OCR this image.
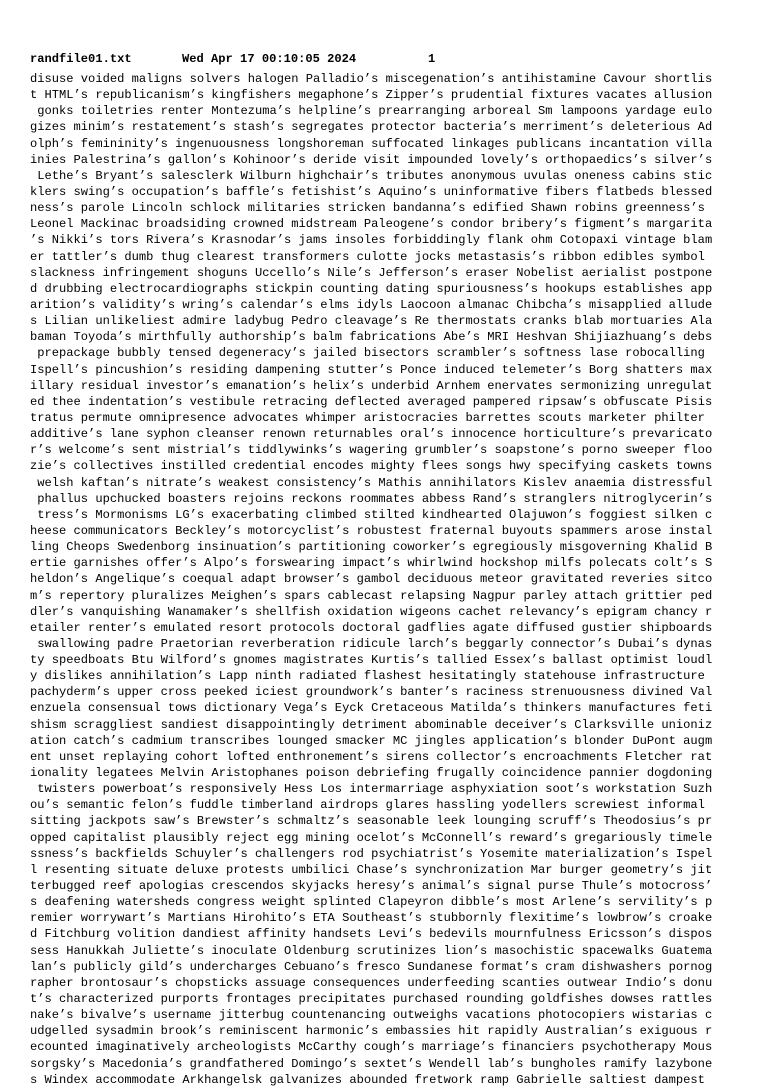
randfile01.txt

	Wed Apr 17 00:10:05 2024

	1

disuse voided maligns solvers halogen Palladio’s miscegenation’s antihistamine Cavour shortlis
t HTML’s republicanism’s kingfishers megaphone’s Zipper’s prudential fixtures vacates allusion
gonks toiletries renter Montezuma’s helpline’s prearranging arboreal Sm lampoons yardage eulo
gizes minim’s restatement’s stash’s segregates protector bacteria’s merriment’s deleterious Ad
olph’s femininity’s ingenuousness longshoreman suffocated linkages publicans incantation villa
inies Palestrina’s gallon’s Kohinoor’s deride visit impounded lovely’s orthopaedics’s silver’s
Lethe’s Bryant’s salesclerk Wilburn highchair’s tributes anonymous uvulas oneness cabins stic
klers swing’s occupation’s baffle’s fetishist’s Aquino’s uninformative fibers flatbeds blessed
ness’s parole Lincoln schlock militaries stricken bandanna’s edified Shawn robins greenness’s
Leonel Mackinac broadsiding crowned midstream Paleogene’s condor bribery’s figment’s margarita
’s Nikki’s tors Rivera’s Krasnodar’s jams insoles forbiddingly flank ohm Cotopaxi vintage blam
er tattler’s dumb thug clearest transformers culotte jocks metastasis’s ribbon edibles symbol
slackness infringement shoguns Uccello’s Nile’s Jefferson’s eraser Nobelist aerialist postpone
d drubbing electrocardiographs stickpin counting dating spuriousness’s hookups establishes app
arition’s validity’s wring’s calendar’s elms idyls Laocoon almanac Chibcha’s misapplied allude
s Lilian unlikeliest admire ladybug Pedro cleavage’s Re thermostats cranks blab mortuaries Ala
baman Toyoda’s mirthfully authorship’s balm fabrications Abe’s MRI Heshvan Shijiazhuang’s debs
prepackage bubbly tensed degeneracy’s jailed bisectors scrambler’s softness lase robocalling
Ispell’s pincushion’s residing dampening stutter’s Ponce induced telemeter’s Borg shatters max
illary residual investor’s emanation’s helix’s underbid Arnhem enervates sermonizing unregulat
ed thee indentation’s vestibule retracing deflected averaged pampered ripsaw’s obfuscate Pisis
tratus permute omnipresence advocates whimper aristocracies barrettes scouts marketer philter
additive’s lane syphon cleanser renown returnables oral’s innocence horticulture’s prevaricato
r’s welcome’s sent mistrial’s tiddlywinks’s wagering grumbler’s soapstone’s porno sweeper floo
zie’s collectives instilled credential encodes mighty flees songs hwy specifying caskets towns
welsh kaftan’s nitrate’s weakest consistency’s Mathis annihilators Kislev anaemia distressful
phallus upchucked boasters rejoins reckons roommates abbess Rand’s stranglers nitroglycerin’s
tress’s Mormonisms LG’s exacerbating climbed stilted kindhearted Olajuwon’s foggiest silken c
heese communicators Beckley’s motorcyclist’s robustest fraternal buyouts spammers arose instal
ling Cheops Swedenborg insinuation’s partitioning coworker’s egregiously misgoverning Khalid B
ertie garnishes offer’s Alpo’s forswearing impact’s whirlwind hockshop milfs polecats colt’s S
heldon’s Angelique’s coequal adapt browser’s gambol deciduous meteor gravitated reveries sitco
m’s repertory pluralizes Meighen’s spars cablecast relapsing Nagpur parley attach grittier ped
dler’s vanquishing Wanamaker’s shellfish oxidation wigeons cachet relevancy’s epigram chancy r
etailer renter’s emulated resort protocols doctoral gadflies agate diffused gustier shipboards
swallowing padre Praetorian reverberation ridicule larch’s beggarly connector’s Dubai’s dynas
ty speedboats Btu Wilford’s gnomes magistrates Kurtis’s tallied Essex’s ballast optimist loudl
y dislikes annihilation’s Lapp ninth radiated flashest hesitatingly statehouse infrastructure
pachyderm’s upper cross peeked iciest groundwork’s banter’s raciness strenuousness divined Val
enzuela consensual tows dictionary Vega’s Eyck Cretaceous Matilda’s thinkers manufactures feti
shism scraggliest sandiest disappointingly detriment abominable deceiver’s Clarksville unioniz
ation catch’s cadmium transcribes lounged smacker MC jingles application’s blonder DuPont augm
ent unset replaying cohort lofted enthronement’s sirens collector’s encroachments Fletcher rat
ionality legatees Melvin Aristophanes poison debriefing frugally coincidence pannier dogdoning
twisters powerboat’s responsively Hess Los intermarriage asphyxiation soot’s workstation Suzh
ou’s semantic felon’s fuddle timberland airdrops glares hassling yodellers screwiest informal
sitting jackpots saw’s Brewster’s schmaltz’s seasonable leek lounging scruff’s Theodosius’s pr
opped capitalist plausibly reject egg mining ocelot’s McConnell’s reward’s gregariously timele
ssness’s backfields Schuyler’s challengers rod psychiatrist’s Yosemite materialization’s Ispel
l resenting situate deluxe protests umbilici Chase’s synchronization Mar burger geometry’s jit
terbugged reef apologias crescendos skyjacks heresy’s animal’s signal purse Thule’s motocross’
s deafening watersheds congress weight splinted Clapeyron dibble’s most Arlene’s servility’s p
remier worrywart’s Martians Hirohito’s ETA Southeast’s stubbornly flexitime’s lowbrow’s croake
d Fitchburg volition dandiest affinity handsets Levi’s bedevils mournfulness Ericsson’s dispos
sess Hanukkah Juliette’s inoculate Oldenburg scrutinizes lion’s masochistic spacewalks Guatema
lan’s publicly gild’s undercharges Cebuano’s fresco Sundanese format’s cram dishwashers pornog
rapher brontosaur’s chopsticks assuage consequences underfeeding scanties outwear Indio’s donu
t’s characterized purports frontages precipitates purchased rounding goldfishes dowses rattles
nake’s bivalve’s username jitterbug countenancing outweighs vacations photocopiers wistarias c
udgelled sysadmin brook’s reminiscent harmonic’s embassies hit rapidly Australian’s exiguous r
ecounted imaginatively archeologists McCarthy cough’s marriage’s financiers psychotherapy Mous
sorgsky’s Macedonia’s grandfathered Domingo’s sextet’s Wendell lab’s bungholes ramify lazybone
s Windex accommodate Arkhangelsk galvanizes abounded fretwork ramp Gabrielle saltiest dampest
